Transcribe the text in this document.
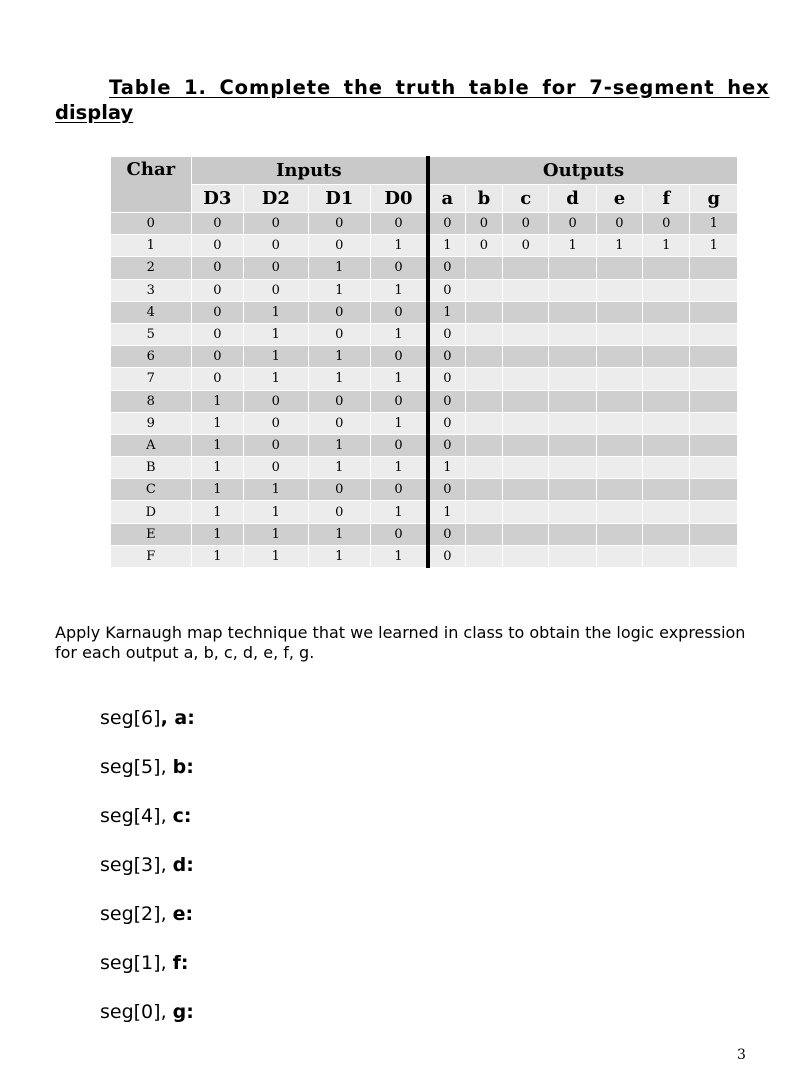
Table 1. Complete the truth table for 7-segment hex
display
Char	Inputs				Outputs						
	D3	D2	D1	D0	a	b	c	d	e	f	g
0	0	0	0	0	0	0	0	0	0	0	1
1	0	0	0	1	1	0	0	1	1	1	1
2	0	0	1	0	0						
3	0	0	1	1	0						
4	0	1	0	0	1						
5	0	1	0	1	0						
6	0	1	1	0	0						
7	0	1	1	1	0						
8	1	0	0	0	0						
9	1	0	0	1	0						
A	1	0	1	0	0						
B	1	0	1	1	1						
C	1	1	0	0	0						
D	1	1	0	1	1						
E	1	1	1	0	0						
F	1	1	1	1	0						

Apply Karnaugh map technique that we learned in class to obtain the logic expression for each output a, b, c, d, e, f, g.

seg[6], a:
seg[5], b:
seg[4], c:
seg[3], d:
seg[2], e:
seg[1], f:
seg[0], g:
3
